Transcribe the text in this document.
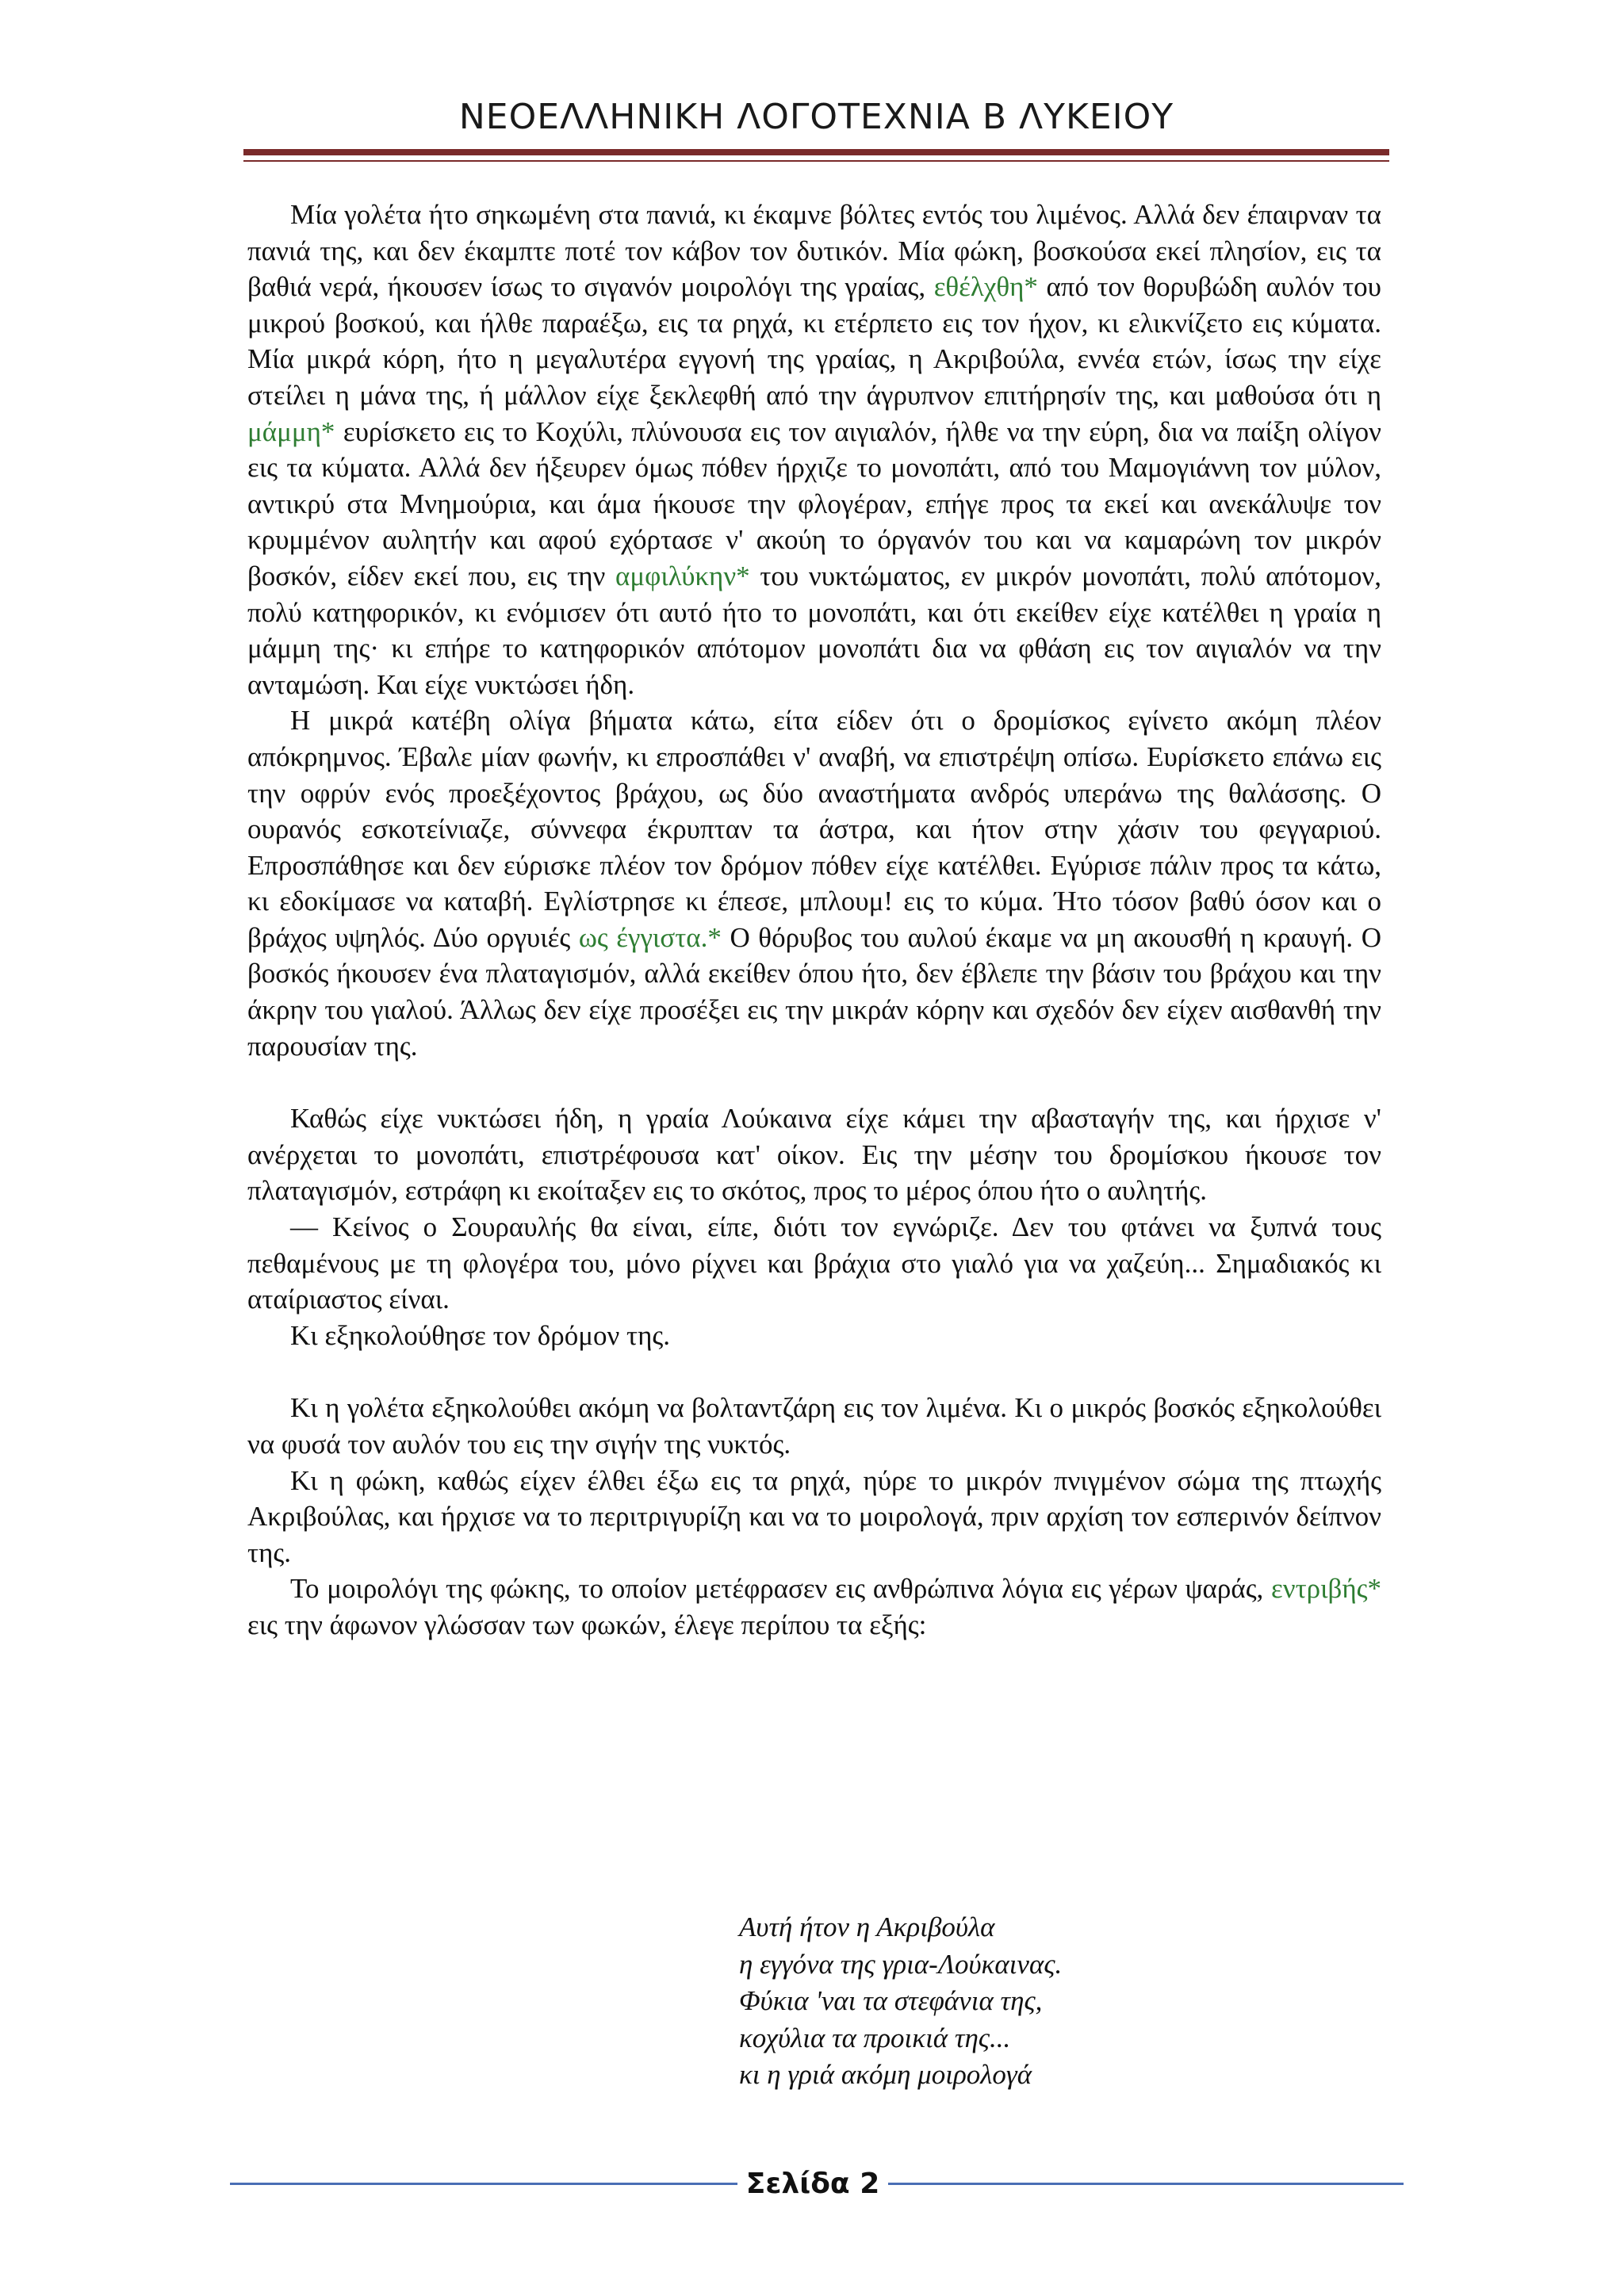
ΝΕΟΕΛΛΗΝΙΚΗ ΛΟΓΟΤΕΧΝΙΑ Β ΛΥΚΕΙΟΥ

Μία γολέτα ήτο σηκωμένη στα πανιά, κι έκαμνε βόλτες εντός του λιμένος. Αλλά δεν έπαιρναν τα πανιά της, και δεν έκαμπτε ποτέ τον κάβον τον δυτικόν. Μία φώκη, βοσκούσα εκεί πλησίον, εις τα βαθιά νερά, ήκουσεν ίσως το σιγανόν μοιρολόγι της γραίας, εθέλχθη* από τον θορυβώδη αυλόν του μικρού βοσκού, και ήλθε παραέξω, εις τα ρηχά, κι ετέρπετο εις τον ήχον, κι ελικνίζετο εις κύματα. Μία μικρά κόρη, ήτο η μεγαλυτέρα εγγονή της γραίας, η Ακριβούλα, εννέα ετών, ίσως την είχε στείλει η μάνα της, ή μάλλον είχε ξεκλεφθή από την άγρυπνον επιτήρησίν της, και μαθούσα ότι η μάμμη* ευρίσκετο εις το Κοχύλι, πλύνουσα εις τον αιγιαλόν, ήλθε να την εύρη, δια να παίξη ολίγον εις τα κύματα. Αλλά δεν ήξευρεν όμως πόθεν ήρχιζε το μονοπάτι, από του Μαμογιάννη τον μύλον, αντικρύ στα Μνημούρια, και άμα ήκουσε την φλογέραν, επήγε προς τα εκεί και ανεκάλυψε τον κρυμμένον αυλητήν και αφού εχόρτασε ν' ακούη το όργανόν του και να καμαρώνη τον μικρόν βοσκόν, είδεν εκεί που, εις την αμφιλύκην* του νυκτώματος, εν μικρόν μονοπάτι, πολύ απότομον, πολύ κατηφορικόν, κι ενόμισεν ότι αυτό ήτο το μονοπάτι, και ότι εκείθεν είχε κατέλθει η γραία η μάμμη της· κι επήρε το κατηφορικόν απότομον μονοπάτι δια να φθάση εις τον αιγιαλόν να την ανταμώση. Και είχε νυκτώσει ήδη.

Η μικρά κατέβη ολίγα βήματα κάτω, είτα είδεν ότι ο δρομίσκος εγίνετο ακόμη πλέον απόκρημνος. Έβαλε μίαν φωνήν, κι επροσπάθει ν' αναβή, να επιστρέψη οπίσω. Ευρίσκετο επάνω εις την οφρύν ενός προεξέχοντος βράχου, ως δύο αναστήματα ανδρός υπεράνω της θαλάσσης. Ο ουρανός εσκοτείνιαζε, σύννεφα έκρυπταν τα άστρα, και ήτον στην χάσιν του φεγγαριού. Επροσπάθησε και δεν εύρισκε πλέον τον δρόμον πόθεν είχε κατέλθει. Εγύρισε πάλιν προς τα κάτω, κι εδοκίμασε να καταβή. Εγλίστρησε κι έπεσε, μπλουμ! εις το κύμα. Ήτο τόσον βαθύ όσον και ο βράχος υψηλός. Δύο οργυιές ως έγγιστα.* Ο θόρυβος του αυλού έκαμε να μη ακουσθή η κραυγή. Ο βοσκός ήκουσεν ένα πλαταγισμόν, αλλά εκείθεν όπου ήτο, δεν έβλεπε την βάσιν του βράχου και την άκρην του γιαλού. Άλλως δεν είχε προσέξει εις την μικράν κόρην και σχεδόν δεν είχεν αισθανθή την παρουσίαν της.

Καθώς είχε νυκτώσει ήδη, η γραία Λούκαινα είχε κάμει την αβασταγήν της, και ήρχισε ν' ανέρχεται το μονοπάτι, επιστρέφουσα κατ' οίκον. Εις την μέσην του δρομίσκου ήκουσε τον πλαταγισμόν, εστράφη κι εκοίταξεν εις το σκότος, προς το μέρος όπου ήτο ο αυλητής.

— Κείνος ο Σουραυλής θα είναι, είπε, διότι τον εγνώριζε. Δεν του φτάνει να ξυπνά τους πεθαμένους με τη φλογέρα του, μόνο ρίχνει και βράχια στο γιαλό για να χαζεύη... Σημαδιακός κι αταίριαστος είναι.

Κι εξηκολούθησε τον δρόμον της.

Κι η γολέτα εξηκολούθει ακόμη να βολταντζάρη εις τον λιμένα. Κι ο μικρός βοσκός εξηκολούθει να φυσά τον αυλόν του εις την σιγήν της νυκτός.

Κι η φώκη, καθώς είχεν έλθει έξω εις τα ρηχά, ηύρε το μικρόν πνιγμένον σώμα της πτωχής Ακριβούλας, και ήρχισε να το περιτριγυρίζη και να το μοιρολογά, πριν αρχίση τον εσπερινόν δείπνον της.

Το μοιρολόγι της φώκης, το οποίον μετέφρασεν εις ανθρώπινα λόγια εις γέρων ψαράς, εντριβής* εις την άφωνον γλώσσαν των φωκών, έλεγε περίπου τα εξής:

Αυτή ήτον η Ακριβούλα
η εγγόνα της γρια-Λούκαινας.
Φύκια 'ναι τα στεφάνια της,
κοχύλια τα προικιά της...
κι η γριά ακόμη μοιρολογά
Σελίδα 2
